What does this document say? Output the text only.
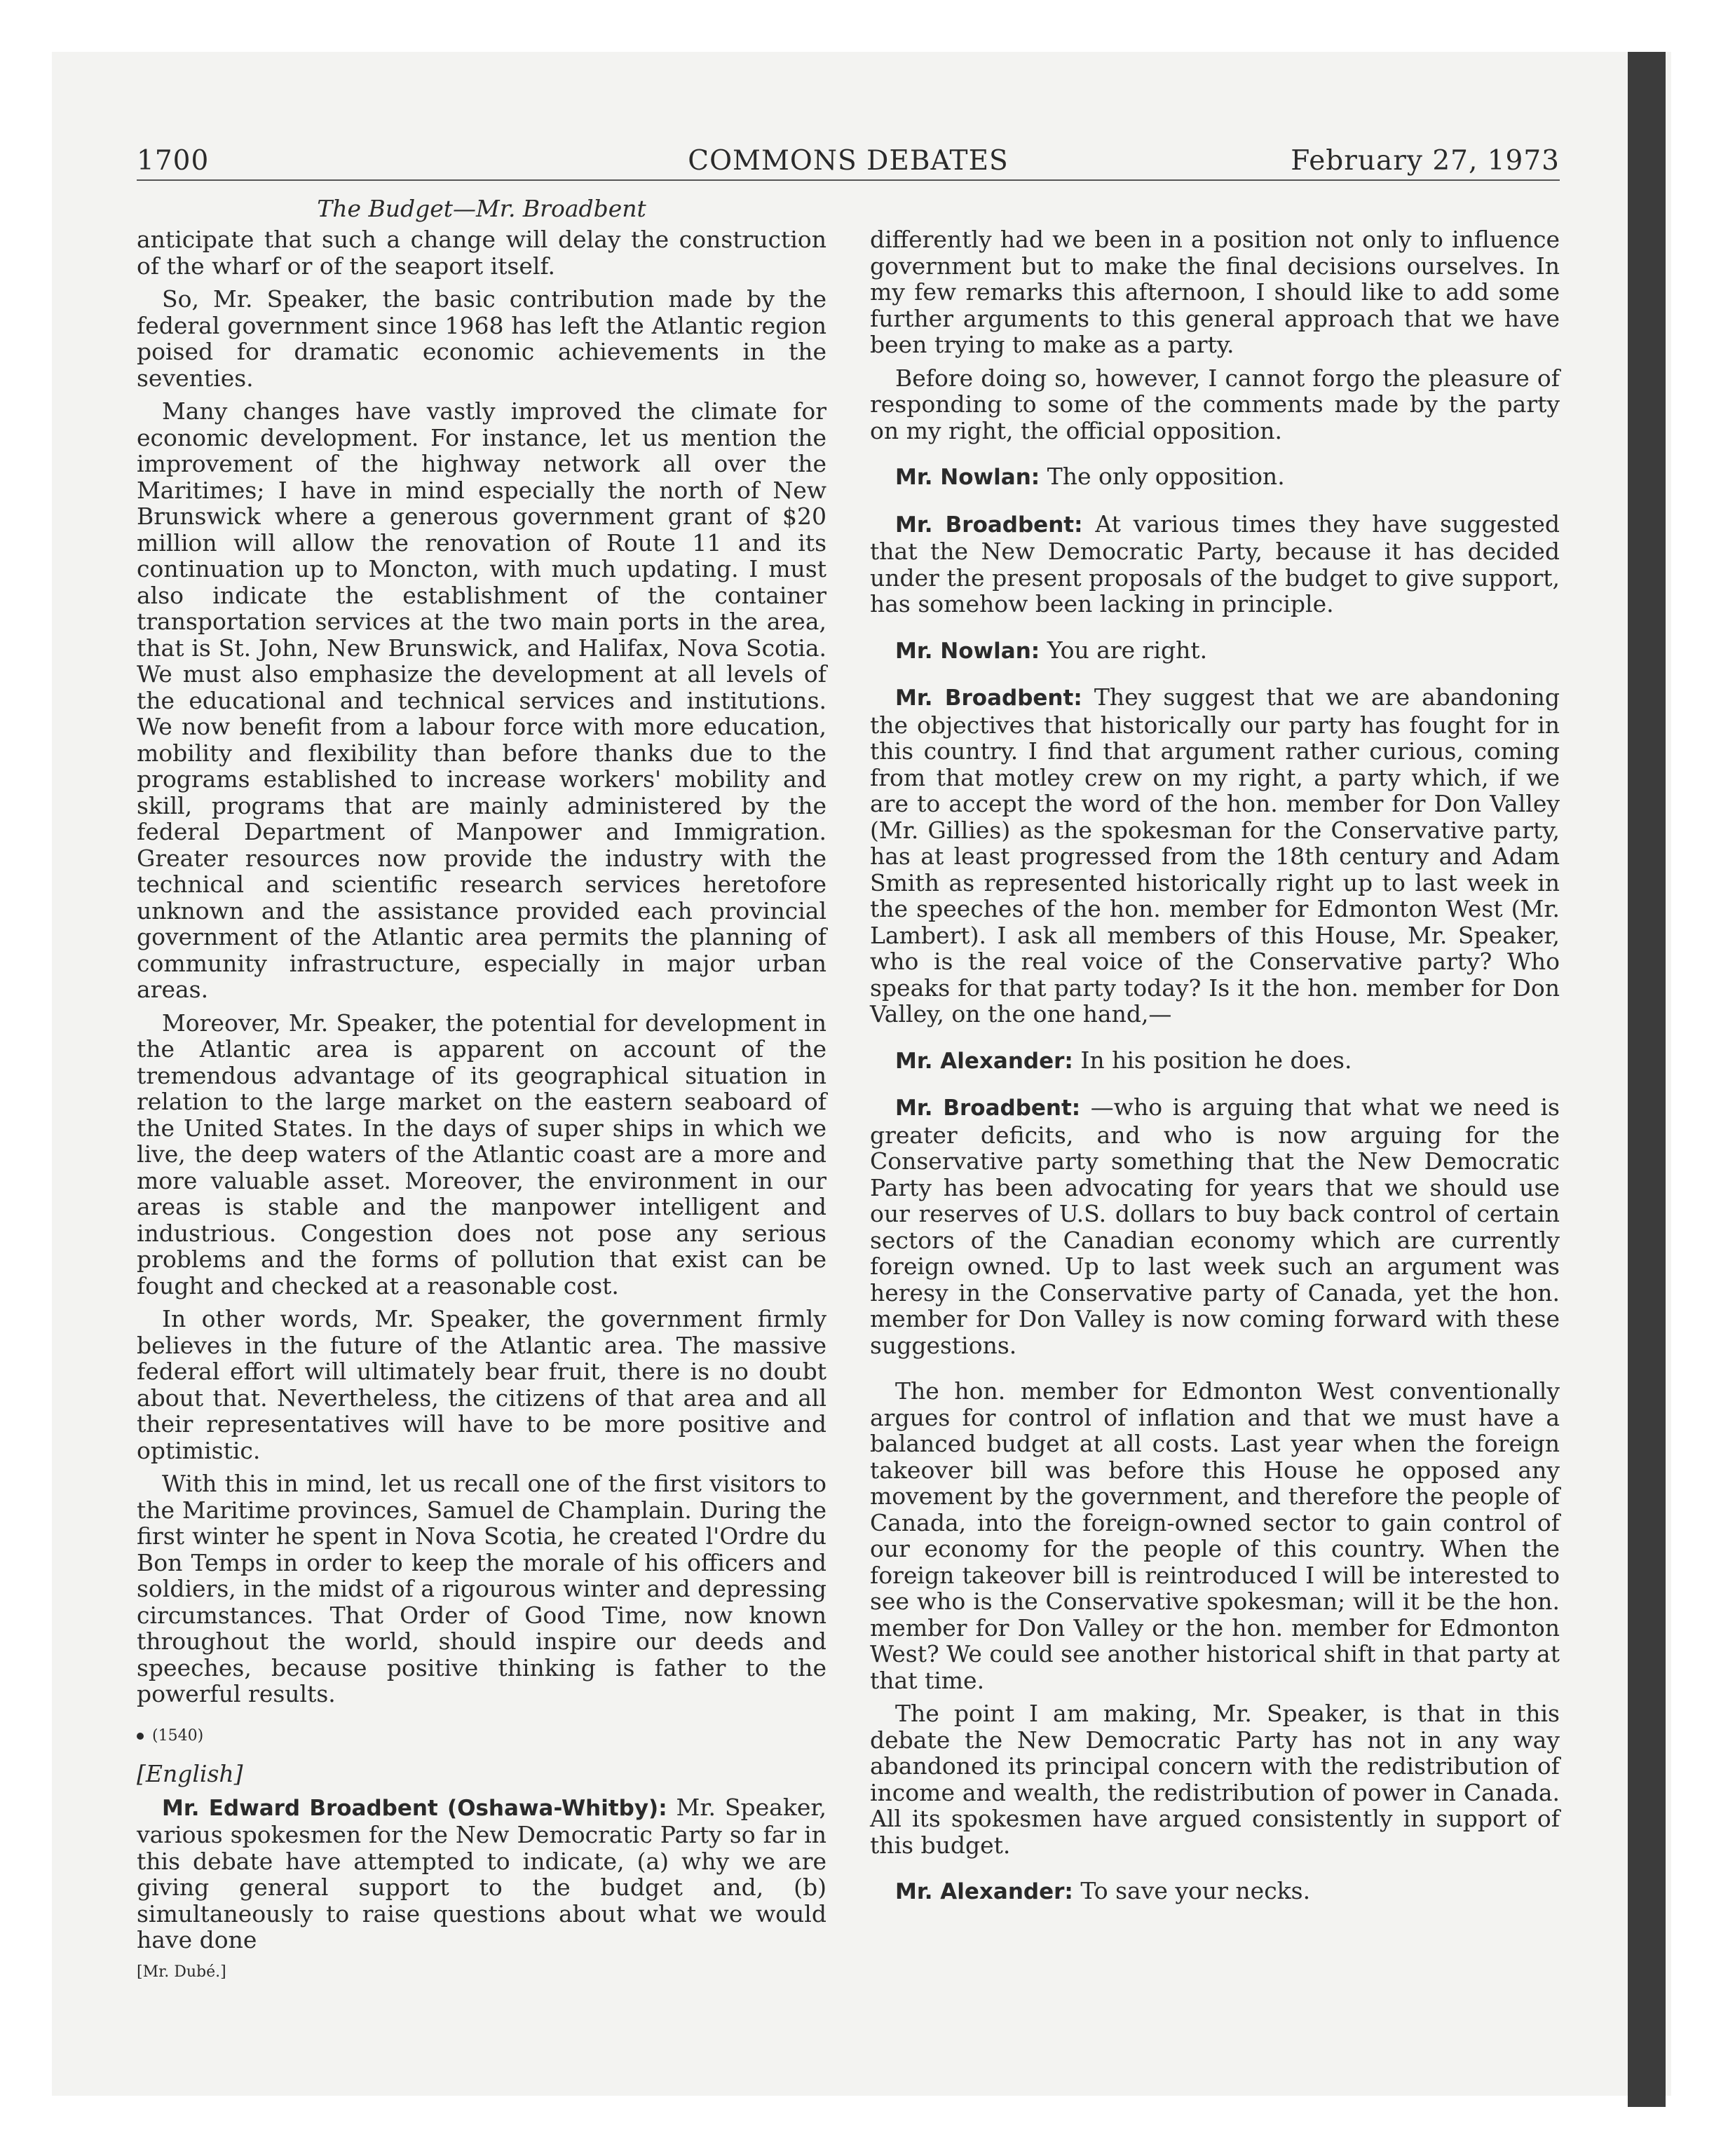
1700	COMMONS DEBATES	February 27, 1973
The Budget—Mr. Broadbent

anticipate that such a change will delay the construction of the wharf or of the seaport itself.

So, Mr. Speaker, the basic contribution made by the federal government since 1968 has left the Atlantic region poised for dramatic economic achievements in the seventies.

Many changes have vastly improved the climate for economic development. For instance, let us mention the improvement of the highway network all over the Maritimes; I have in mind especially the north of New Brunswick where a generous government grant of $20 million will allow the renovation of Route 11 and its continuation up to Moncton, with much updating. I must also indicate the establishment of the container transportation services at the two main ports in the area, that is St. John, New Brunswick, and Halifax, Nova Scotia. We must also emphasize the development at all levels of the educational and technical services and institutions. We now benefit from a labour force with more education, mobility and flexibility than before thanks due to the programs established to increase workers' mobility and skill, programs that are mainly administered by the federal Department of Manpower and Immigration. Greater resources now provide the industry with the technical and scientific research services heretofore unknown and the assistance provided each provincial government of the Atlantic area permits the planning of community infrastructure, especially in major urban areas.

Moreover, Mr. Speaker, the potential for development in the Atlantic area is apparent on account of the tremendous advantage of its geographical situation in relation to the large market on the eastern seaboard of the United States. In the days of super ships in which we live, the deep waters of the Atlantic coast are a more and more valuable asset. Moreover, the environment in our areas is stable and the manpower intelligent and industrious. Congestion does not pose any serious problems and the forms of pollution that exist can be fought and checked at a reasonable cost.

In other words, Mr. Speaker, the government firmly believes in the future of the Atlantic area. The massive federal effort will ultimately bear fruit, there is no doubt about that. Nevertheless, the citizens of that area and all their representatives will have to be more positive and optimistic.

With this in mind, let us recall one of the first visitors to the Maritime provinces, Samuel de Champlain. During the first winter he spent in Nova Scotia, he created l'Ordre du Bon Temps in order to keep the morale of his officers and soldiers, in the midst of a rigourous winter and depressing circumstances. That Order of Good Time, now known throughout the world, should inspire our deeds and speeches, because positive thinking is father to the powerful results.

(1540)
[English]

Mr. Edward Broadbent (Oshawa-Whitby): Mr. Speaker, various spokesmen for the New Democratic Party so far in this debate have attempted to indicate, (a) why we are giving general support to the budget and, (b) simultaneously to raise questions about what we would have done

[Mr. Dubé.]

differently had we been in a position not only to influence government but to make the final decisions ourselves. In my few remarks this afternoon, I should like to add some further arguments to this general approach that we have been trying to make as a party.

Before doing so, however, I cannot forgo the pleasure of responding to some of the comments made by the party on my right, the official opposition.

Mr. Nowlan: The only opposition.

Mr. Broadbent: At various times they have suggested that the New Democratic Party, because it has decided under the present proposals of the budget to give support, has somehow been lacking in principle.

Mr. Nowlan: You are right.

Mr. Broadbent: They suggest that we are abandoning the objectives that historically our party has fought for in this country. I find that argument rather curious, coming from that motley crew on my right, a party which, if we are to accept the word of the hon. member for Don Valley (Mr. Gillies) as the spokesman for the Conservative party, has at least progressed from the 18th century and Adam Smith as represented historically right up to last week in the speeches of the hon. member for Edmonton West (Mr. Lambert). I ask all members of this House, Mr. Speaker, who is the real voice of the Conservative party? Who speaks for that party today? Is it the hon. member for Don Valley, on the one hand,—

Mr. Alexander: In his position he does.

Mr. Broadbent: —who is arguing that what we need is greater deficits, and who is now arguing for the Conservative party something that the New Democratic Party has been advocating for years that we should use our reserves of U.S. dollars to buy back control of certain sectors of the Canadian economy which are currently foreign owned. Up to last week such an argument was heresy in the Conservative party of Canada, yet the hon. member for Don Valley is now coming forward with these suggestions.

The hon. member for Edmonton West conventionally argues for control of inflation and that we must have a balanced budget at all costs. Last year when the foreign takeover bill was before this House he opposed any movement by the government, and therefore the people of Canada, into the foreign-owned sector to gain control of our economy for the people of this country. When the foreign takeover bill is reintroduced I will be interested to see who is the Conservative spokesman; will it be the hon. member for Don Valley or the hon. member for Edmonton West? We could see another historical shift in that party at that time.

The point I am making, Mr. Speaker, is that in this debate the New Democratic Party has not in any way abandoned its principal concern with the redistribution of income and wealth, the redistribution of power in Canada. All its spokesmen have argued consistently in support of this budget.

Mr. Alexander: To save your necks.
